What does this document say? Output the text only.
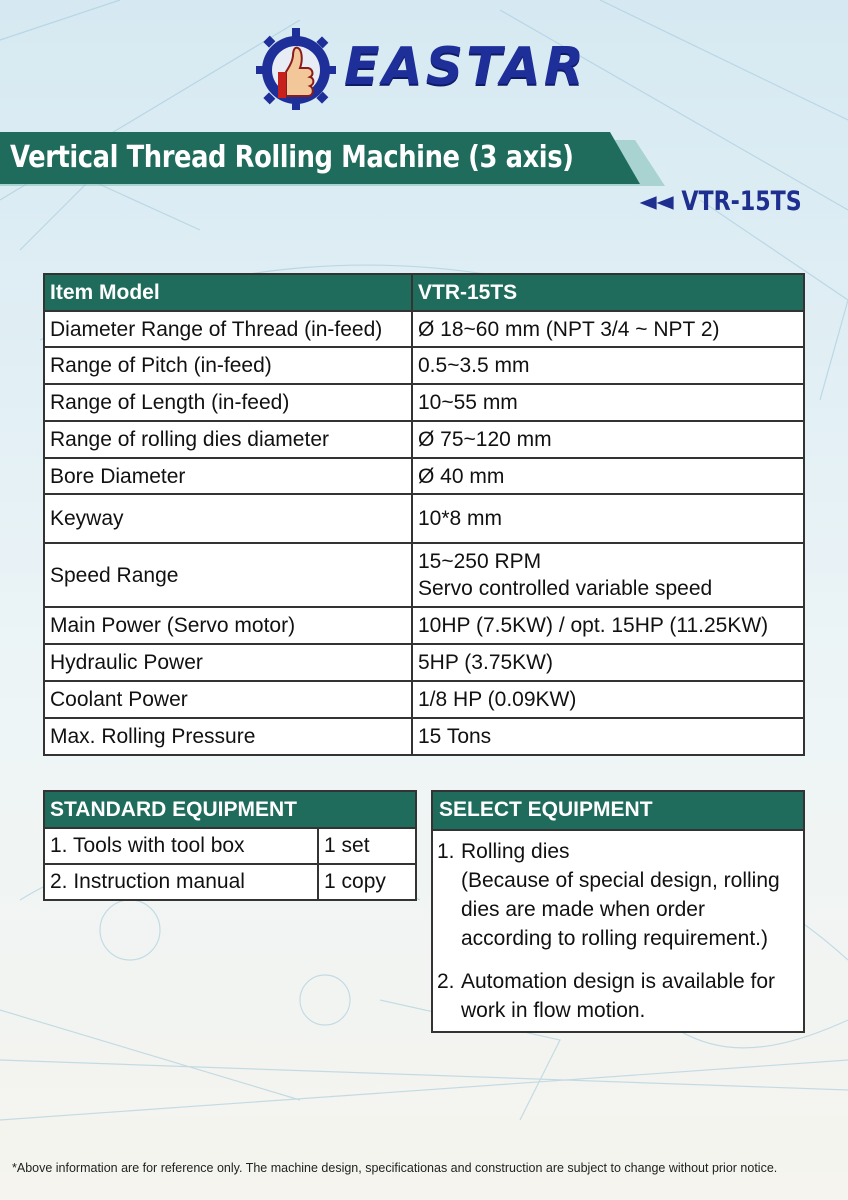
EASTAR
Vertical Thread Rolling Machine (3 axis)
◄◄ VTR-15TS
Item Model	VTR-15TS
Diameter Range of Thread (in-feed)	Ø 18~60 mm (NPT 3/4 ~ NPT 2)
Range of Pitch (in-feed)	0.5~3.5 mm
Range of Length (in-feed)	10~55 mm
Range of rolling dies diameter	Ø 75~120 mm
Bore Diameter	Ø 40 mm
Keyway	10*8 mm
Speed Range	15~250 RPM
Servo controlled variable speed

Main Power (Servo motor)	10HP (7.5KW) / opt. 15HP (11.25KW)
Hydraulic Power	5HP (3.75KW)
Coolant Power	1/8 HP (0.09KW)
Max. Rolling Pressure	15 Tons
STANDARD EQUIPMENT	
1. Tools with tool box	1 set
2. Instruction manual	1 copy
SELECT EQUIPMENT
1. Rolling dies
(Because of special design, rolling dies are made when order according to rolling requirement.)
2. Automation design is available for work in flow motion.
*Above information are for reference only. The machine design, specificationas and construction are subject to change without prior notice.
